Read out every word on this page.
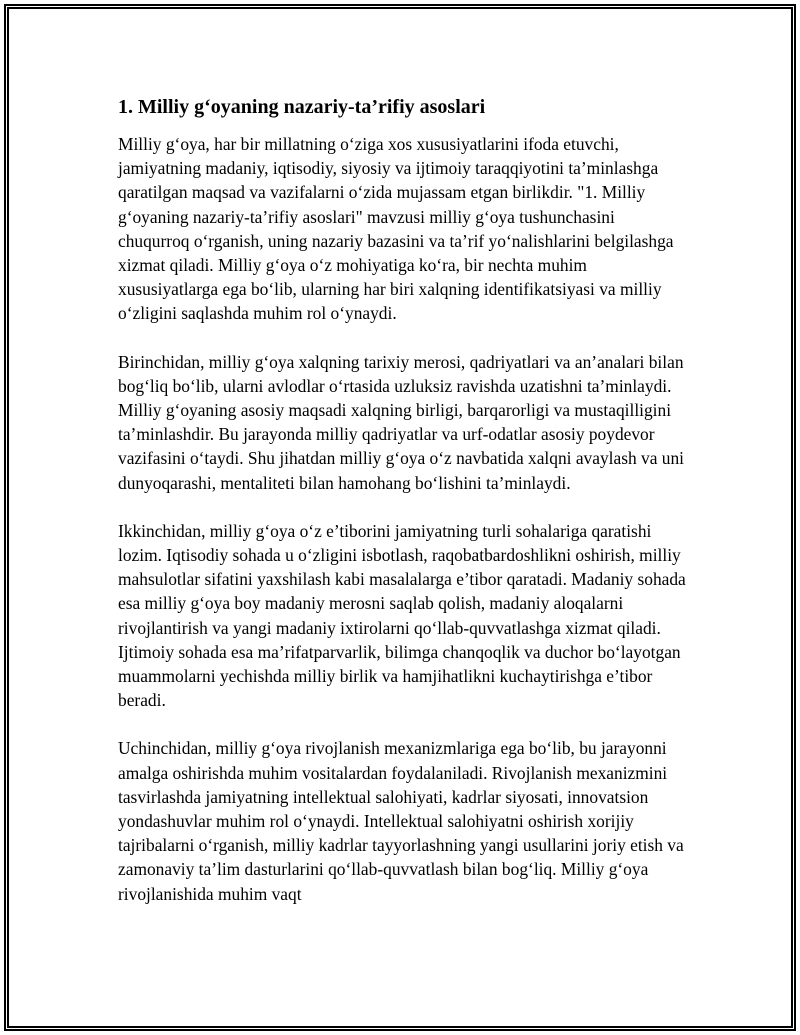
1. Milliy g‘oyaning nazariy-ta’rifiy asoslari

Milliy g‘oya, har bir millatning o‘ziga xos xususiyatlarini ifoda etuvchi, jamiyatning madaniy, iqtisodiy, siyosiy va ijtimoiy taraqqiyotini ta’minlashga qaratilgan maqsad va vazifalarni o‘zida mujassam etgan birlikdir. "1. Milliy g‘oyaning nazariy-ta’rifiy asoslari" mavzusi milliy g‘oya tushunchasini chuqurroq o‘rganish, uning nazariy bazasini va ta’rif yo‘nalishlarini belgilashga xizmat qiladi. Milliy g‘oya o‘z mohiyatiga ko‘ra, bir nechta muhim xususiyatlarga ega bo‘lib, ularning har biri xalqning identifikatsiyasi va milliy o‘zligini saqlashda muhim rol o‘ynaydi.

Birinchidan, milliy g‘oya xalqning tarixiy merosi, qadriyatlari va an’analari bilan bog‘liq bo‘lib, ularni avlodlar o‘rtasida uzluksiz ravishda uzatishni ta’minlaydi. Milliy g‘oyaning asosiy maqsadi xalqning birligi, barqarorligi va mustaqilligini ta’minlashdir. Bu jarayonda milliy qadriyatlar va urf-odatlar asosiy poydevor vazifasini o‘taydi. Shu jihatdan milliy g‘oya o‘z navbatida xalqni avaylash va uni dunyoqarashi, mentaliteti bilan hamohang bo‘lishini ta’minlaydi.

Ikkinchidan, milliy g‘oya o‘z e’tiborini jamiyatning turli sohalariga qaratishi lozim. Iqtisodiy sohada u o‘zligini isbotlash, raqobatbardoshlikni oshirish, milliy mahsulotlar sifatini yaxshilash kabi masalalarga e’tibor qaratadi. Madaniy sohada esa milliy g‘oya boy madaniy merosni saqlab qolish, madaniy aloqalarni rivojlantirish va yangi madaniy ixtirolarni qo‘llab-quvvatlashga xizmat qiladi. Ijtimoiy sohada esa ma’rifatparvarlik, bilimga chanqoqlik va duchor bo‘layotgan muammolarni yechishda milliy birlik va hamjihatlikni kuchaytirishga e’tibor beradi.

Uchinchidan, milliy g‘oya rivojlanish mexanizmlariga ega bo‘lib, bu jarayonni amalga oshirishda muhim vositalardan foydalaniladi. Rivojlanish mexanizmini tasvirlashda jamiyatning intellektual salohiyati, kadrlar siyosati, innovatsion yondashuvlar muhim rol o‘ynaydi. Intellektual salohiyatni oshirish xorijiy tajribalarni o‘rganish, milliy kadrlar tayyorlashning yangi usullarini joriy etish va zamonaviy ta’lim dasturlarini qo‘llab-quvvatlash bilan bog‘liq. Milliy g‘oya rivojlanishida muhim vaqt
